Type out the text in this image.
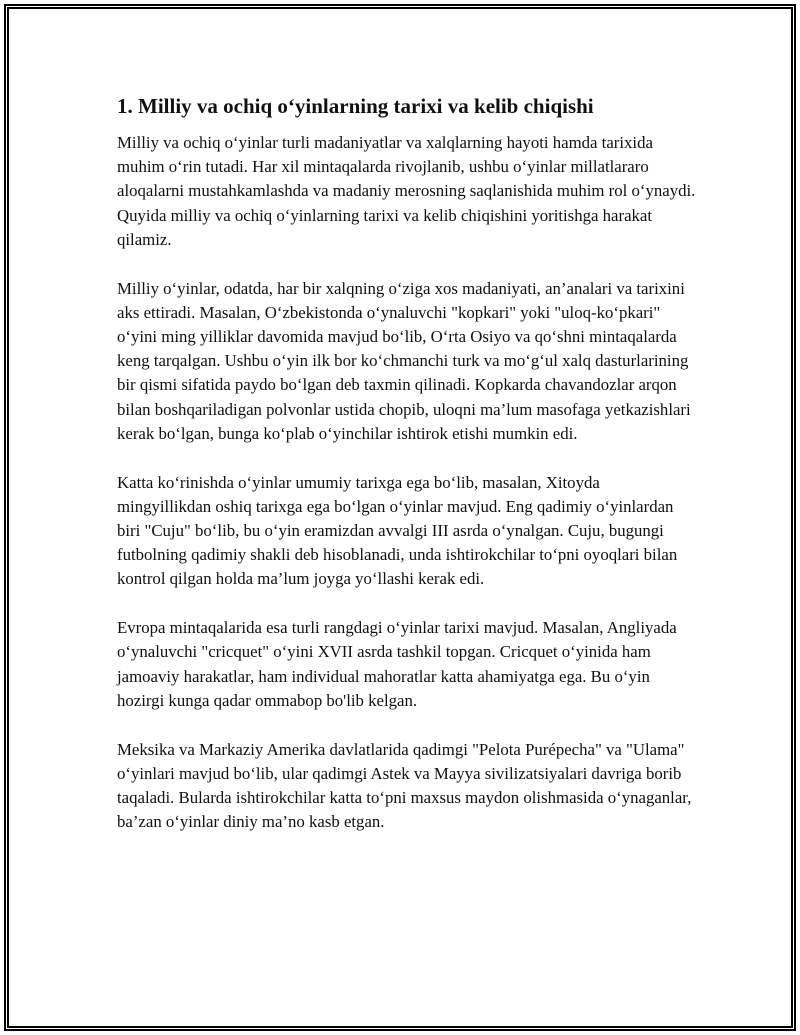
1. Milliy va ochiq o‘yinlarning tarixi va kelib chiqishi

Milliy va ochiq o‘yinlar turli madaniyatlar va xalqlarning hayoti hamda tarixida muhim o‘rin tutadi. Har xil mintaqalarda rivojlanib, ushbu o‘yinlar millatlararo aloqalarni mustahkamlashda va madaniy merosning saqlanishida muhim rol o‘ynaydi. Quyida milliy va ochiq o‘yinlarning tarixi va kelib chiqishini yoritishga harakat qilamiz.

Milliy o‘yinlar, odatda, har bir xalqning o‘ziga xos madaniyati, an’analari va tarixini aks ettiradi. Masalan, O‘zbekistonda o‘ynaluvchi "kopkari" yoki "uloq-ko‘pkari" o‘yini ming yilliklar davomida mavjud bo‘lib, O‘rta Osiyo va qo‘shni mintaqalarda keng tarqalgan. Ushbu o‘yin ilk bor ko‘chmanchi turk va mo‘g‘ul xalq dasturlarining bir qismi sifatida paydo bo‘lgan deb taxmin qilinadi. Kopkarda chavandozlar arqon bilan boshqariladigan polvonlar ustida chopib, uloqni ma’lum masofaga yetkazishlari kerak bo‘lgan, bunga ko‘plab o‘yinchilar ishtirok etishi mumkin edi.

Katta ko‘rinishda o‘yinlar umumiy tarixga ega bo‘lib, masalan, Xitoyda mingyillikdan oshiq tarixga ega bo‘lgan o‘yinlar mavjud. Eng qadimiy o‘yinlardan biri "Cuju" bo‘lib, bu o‘yin eramizdan avvalgi III asrda o‘ynalgan. Cuju, bugungi futbolning qadimiy shakli deb hisoblanadi, unda ishtirokchilar to‘pni oyoqlari bilan kontrol qilgan holda ma’lum joyga yo‘llashi kerak edi.

Evropa mintaqalarida esa turli rangdagi o‘yinlar tarixi mavjud. Masalan, Angliyada o‘ynaluvchi "cricquet" o‘yini XVII asrda tashkil topgan. Cricquet o‘yinida ham jamoaviy harakatlar, ham individual mahoratlar katta ahamiyatga ega. Bu o‘yin hozirgi kunga qadar ommabop bo'lib kelgan.

Meksika va Markaziy Amerika davlatlarida qadimgi "Pelota Purépecha" va "Ulama" o‘yinlari mavjud bo‘lib, ular qadimgi Astek va Mayya sivilizatsiyalari davriga borib taqaladi. Bularda ishtirokchilar katta to‘pni maxsus maydon olishmasida o‘ynaganlar, ba’zan o‘yinlar diniy ma’no kasb etgan.
